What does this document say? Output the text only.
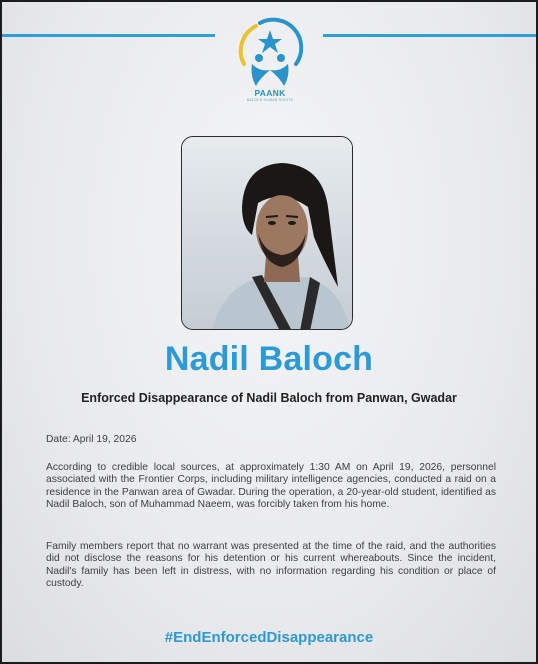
PAANK
BALOCH HUMAN RIGHTS
Nadil Baloch
Enforced Disappearance of Nadil Baloch from Panwan, Gwadar
Date: April 19, 2026
According to credible local sources, at approximately 1:30 AM on April 19, 2026, personnel associated with the Frontier Corps, including military intelligence agencies, conducted a raid on a residence in the Panwan area of Gwadar. During the operation, a 20-year-old student, identified as Nadil Baloch, son of Muhammad Naeem, was forcibly taken from his home.
Family members report that no warrant was presented at the time of the raid, and the authorities did not disclose the reasons for his detention or his current whereabouts. Since the incident, Nadil's family has been left in distress, with no information regarding his condition or place of custody.
#EndEnforcedDisappearance
